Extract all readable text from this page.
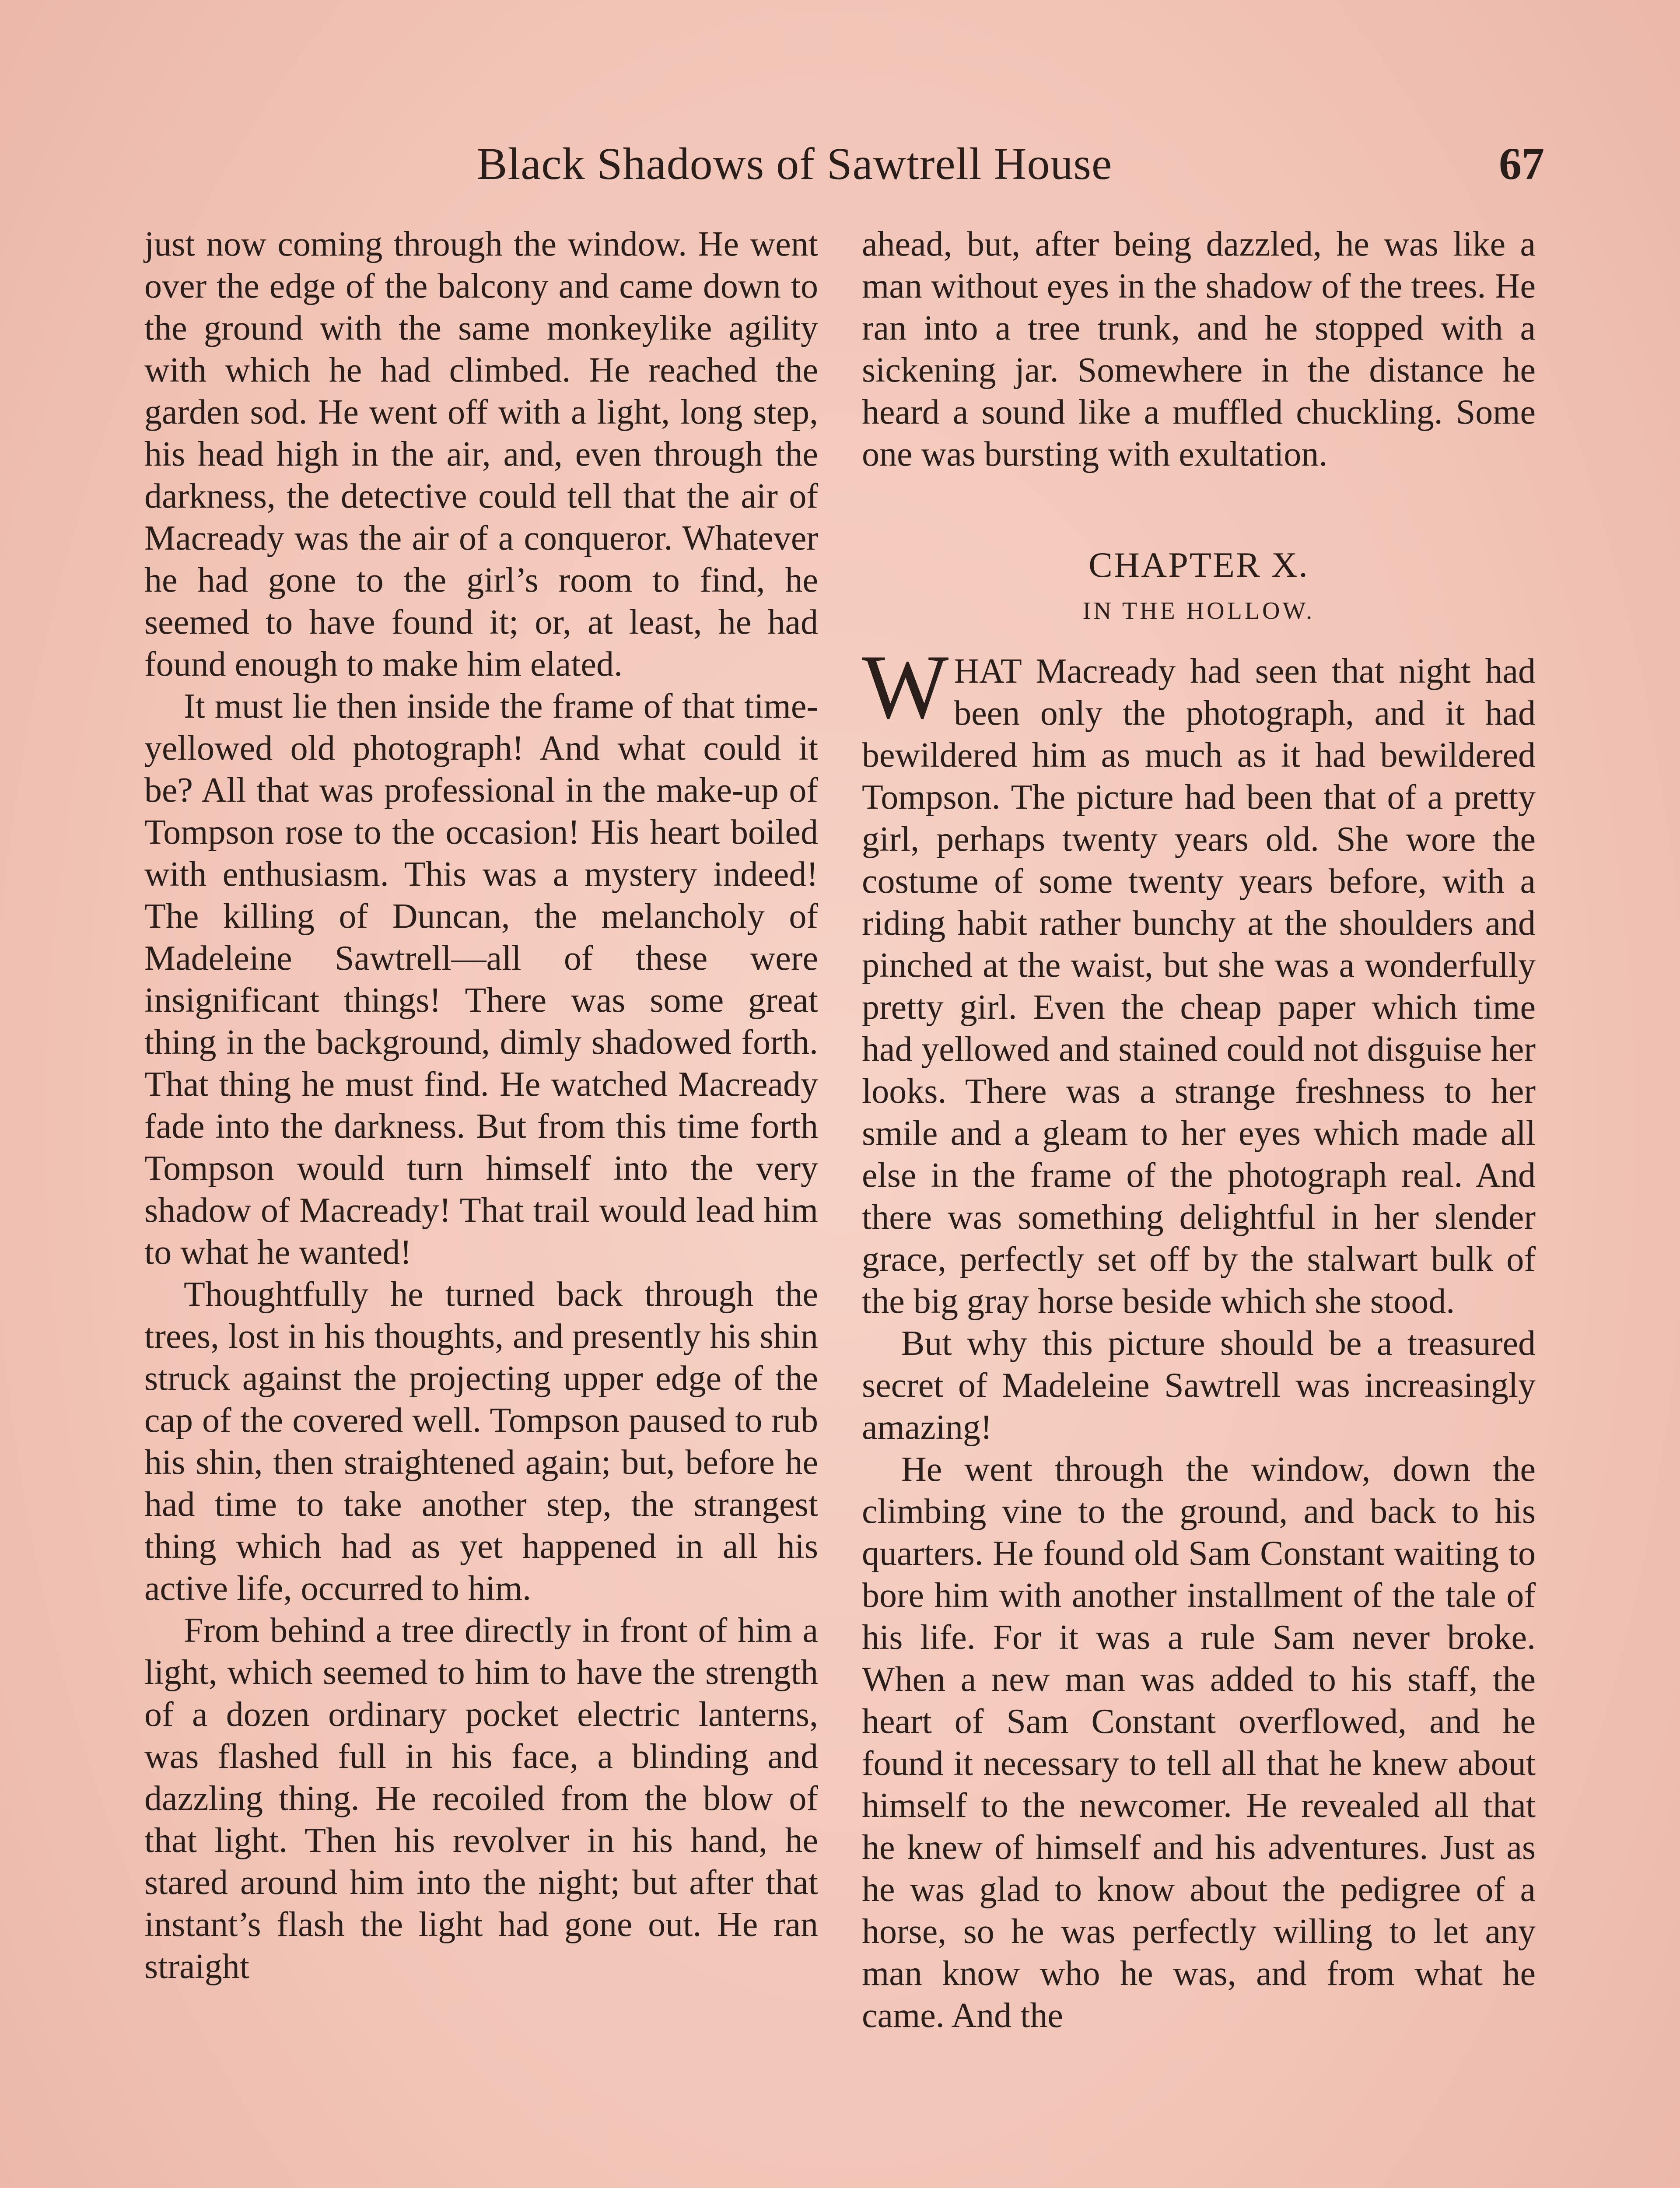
Black Shadows of Sawtrell House	67

just now coming through the window. He went over the edge of the balcony and came down to the ground with the same monkeylike agility with which he had climbed. He reached the garden sod. He went off with a light, long step, his head high in the air, and, even through the darkness, the detective could tell that the air of Macready was the air of a conqueror. Whatever he had gone to the girl’s room to find, he seemed to have found it; or, at least, he had found enough to make him elated.

It must lie then inside the frame of that time-yellowed old photograph! And what could it be? All that was professional in the make-up of Tompson rose to the occasion! His heart boiled with enthusiasm. This was a mystery indeed! The killing of Duncan, the melancholy of Madeleine Sawtrell—all of these were insignificant things! There was some great thing in the background, dimly shadowed forth. That thing he must find. He watched Macready fade into the darkness. But from this time forth Tompson would turn himself into the very shadow of Macready! That trail would lead him to what he wanted!

Thoughtfully he turned back through the trees, lost in his thoughts, and presently his shin struck against the projecting upper edge of the cap of the covered well. Tompson paused to rub his shin, then straightened again; but, before he had time to take another step, the strangest thing which had as yet happened in all his active life, occurred to him.

From behind a tree directly in front of him a light, which seemed to him to have the strength of a dozen ordinary pocket electric lanterns, was flashed full in his face, a blinding and dazzling thing. He recoiled from the blow of that light. Then his revolver in his hand, he stared around him into the night; but after that instant’s flash the light had gone out. He ran straight

ahead, but, after being dazzled, he was like a man without eyes in the shadow of the trees. He ran into a tree trunk, and he stopped with a sickening jar. Somewhere in the distance he heard a sound like a muffled chuckling. Some one was bursting with exultation.

CHAPTER X.
IN THE HOLLOW.

WHAT Macready had seen that night had been only the photograph, and it had bewildered him as much as it had bewildered Tompson. The picture had been that of a pretty girl, perhaps twenty years old. She wore the costume of some twenty years before, with a riding habit rather bunchy at the shoulders and pinched at the waist, but she was a wonderfully pretty girl. Even the cheap paper which time had yellowed and stained could not disguise her looks. There was a strange freshness to her smile and a gleam to her eyes which made all else in the frame of the photograph real. And there was something delightful in her slender grace, perfectly set off by the stalwart bulk of the big gray horse beside which she stood.

But why this picture should be a treasured secret of Madeleine Sawtrell was increasingly amazing!

He went through the window, down the climbing vine to the ground, and back to his quarters. He found old Sam Constant waiting to bore him with another installment of the tale of his life. For it was a rule Sam never broke. When a new man was added to his staff, the heart of Sam Constant overflowed, and he found it necessary to tell all that he knew about himself to the newcomer. He revealed all that he knew of himself and his adventures. Just as he was glad to know about the pedigree of a horse, so he was perfectly willing to let any man know who he was, and from what he came. And the
